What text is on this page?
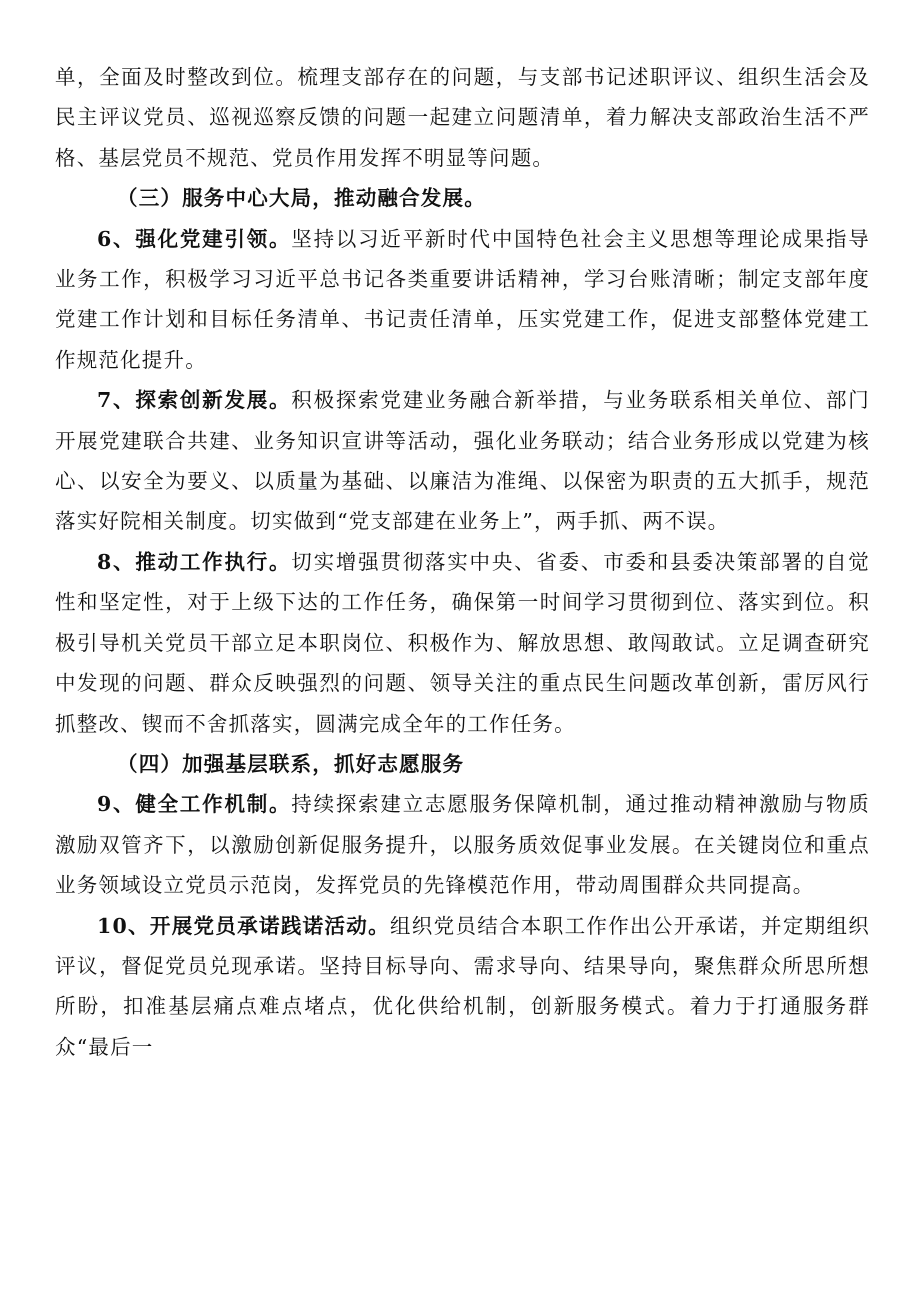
单，全面及时整改到位。梳理支部存在的问题，与支部书记述职评议、组织生活会及民主评议党员、巡视巡察反馈的问题一起建立问题清单，着力解决支部政治生活不严格、基层党员不规范、党员作用发挥不明显等问题。

（三）服务中心大局，推动融合发展。

6、强化党建引领。坚持以习近平新时代中国特色社会主义思想等理论成果指导业务工作，积极学习习近平总书记各类重要讲话精神，学习台账清晰；制定支部年度党建工作计划和目标任务清单、书记责任清单，压实党建工作，促进支部整体党建工作规范化提升。

7、探索创新发展。积极探索党建业务融合新举措，与业务联系相关单位、部门开展党建联合共建、业务知识宣讲等活动，强化业务联动；结合业务形成以党建为核心、以安全为要义、以质量为基础、以廉洁为准绳、以保密为职责的五大抓手，规范落实好院相关制度。切实做到“党支部建在业务上”，两手抓、两不误。

8、推动工作执行。切实增强贯彻落实中央、省委、市委和县委决策部署的自觉性和坚定性，对于上级下达的工作任务，确保第一时间学习贯彻到位、落实到位。积极引导机关党员干部立足本职岗位、积极作为、解放思想、敢闯敢试。立足调查研究中发现的问题、群众反映强烈的问题、领导关注的重点民生问题改革创新，雷厉风行抓整改、锲而不舍抓落实，圆满完成全年的工作任务。

（四）加强基层联系，抓好志愿服务

9、健全工作机制。持续探索建立志愿服务保障机制，通过推动精神激励与物质激励双管齐下，以激励创新促服务提升，以服务质效促事业发展。在关键岗位和重点业务领域设立党员示范岗，发挥党员的先锋模范作用，带动周围群众共同提高。

10、开展党员承诺践诺活动。组织党员结合本职工作作出公开承诺，并定期组织评议，督促党员兑现承诺。坚持目标导向、需求导向、结果导向，聚焦群众所思所想所盼，扣准基层痛点难点堵点，优化供给机制，创新服务模式。着力于打通服务群众“最后一
